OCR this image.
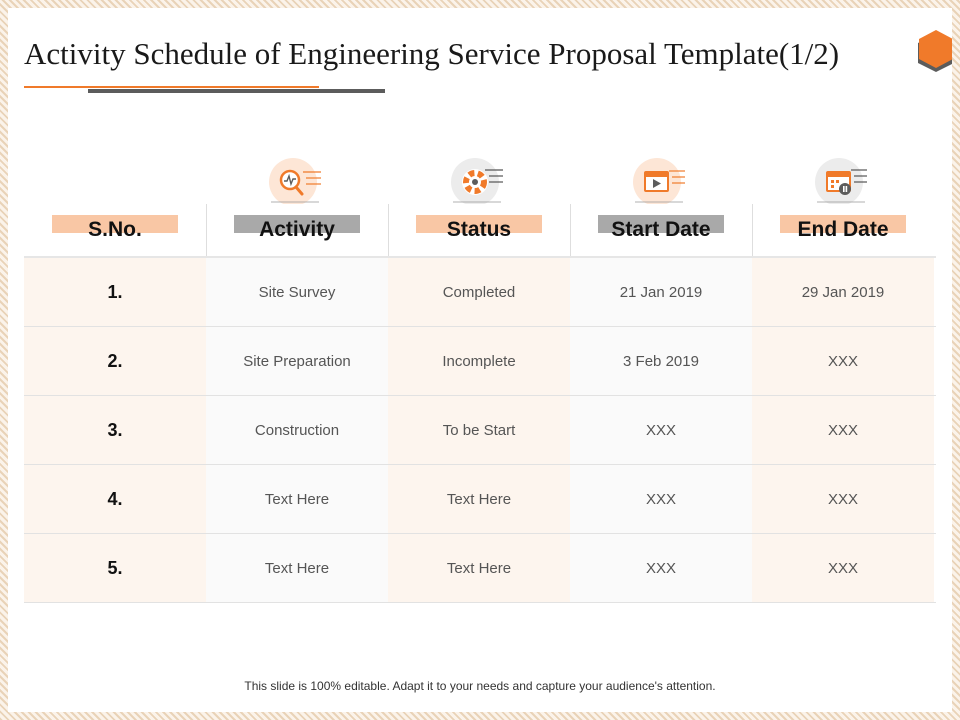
Activity Schedule of Engineering Service Proposal Template(1/2)
S.No.	Activity	Status	Start Date	End Date
1.	Site Survey	Completed	21 Jan 2019	29 Jan 2019
2.	Site Preparation	Incomplete	3 Feb 2019	XXX
3.	Construction	To be Start	XXX	XXX
4.	Text Here	Text Here	XXX	XXX
5.	Text Here	Text Here	XXX	XXX
This slide is 100% editable. Adapt it to your needs and capture your audience's attention.
